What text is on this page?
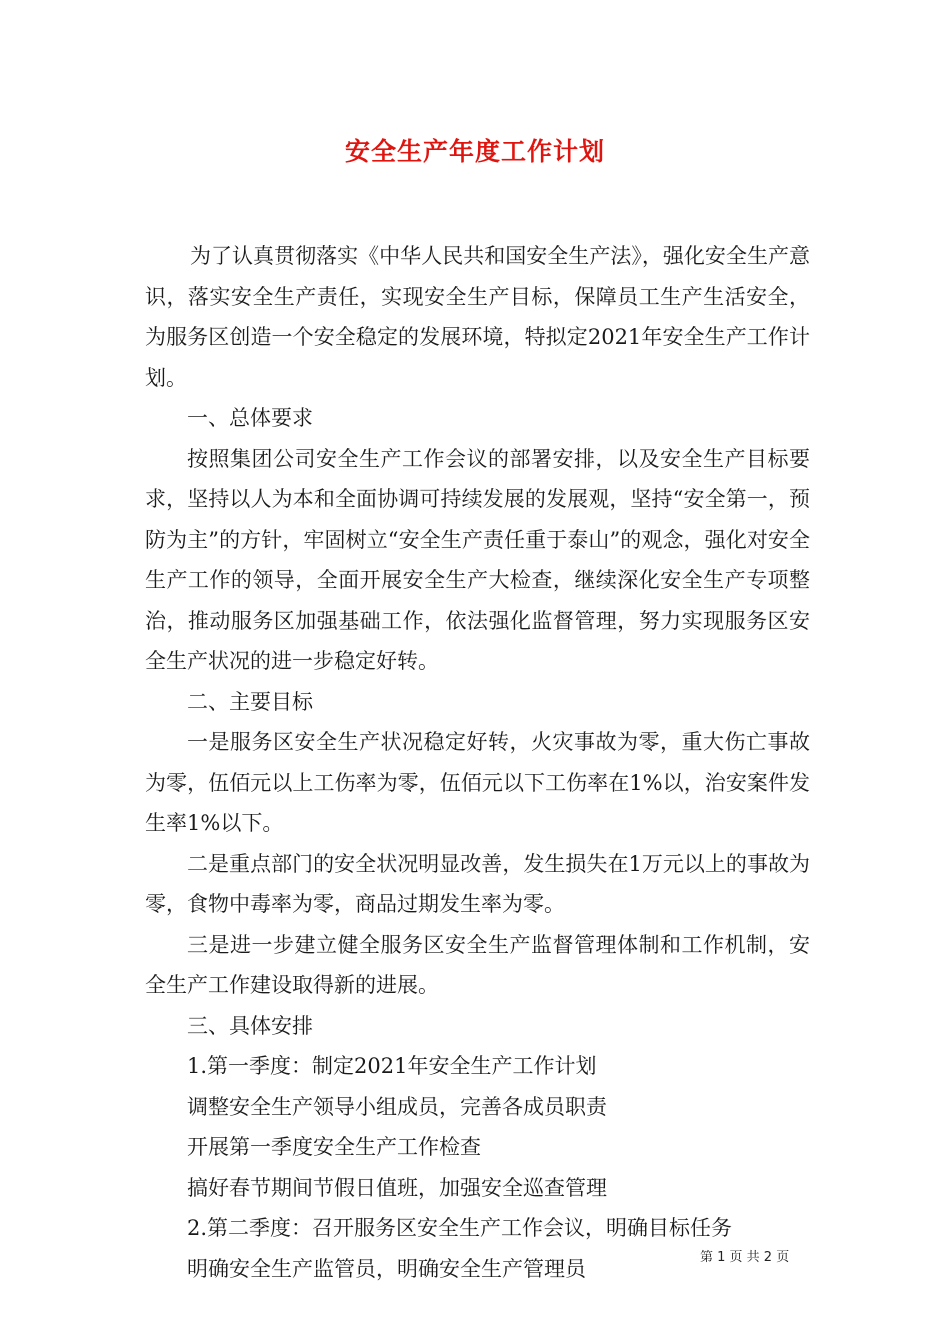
安全生产年度工作计划

为了认真贯彻落实《中华人民共和国安全生产法》，强化安全生产意识，落实安全生产责任，实现安全生产目标，保障员工生产生活安全，为服务区创造一个安全稳定的发展环境，特拟定2021年安全生产工作计划。

一、总体要求

按照集团公司安全生产工作会议的部署安排，以及安全生产目标要求，坚持以人为本和全面协调可持续发展的发展观，坚持“安全第一，预防为主”的方针，牢固树立“安全生产责任重于泰山”的观念，强化对安全生产工作的领导，全面开展安全生产大检查，继续深化安全生产专项整治，推动服务区加强基础工作，依法强化监督管理，努力实现服务区安全生产状况的进一步稳定好转。

二、主要目标

一是服务区安全生产状况稳定好转，火灾事故为零，重大伤亡事故为零，伍佰元以上工伤率为零，伍佰元以下工伤率在1%以，治安案件发生率1%以下。

二是重点部门的安全状况明显改善，发生损失在1万元以上的事故为零，食物中毒率为零，商品过期发生率为零。

三是进一步建立健全服务区安全生产监督管理体制和工作机制，安全生产工作建设取得新的进展。

三、具体安排

1.第一季度：制定2021年安全生产工作计划

调整安全生产领导小组成员，完善各成员职责

开展第一季度安全生产工作检查

搞好春节期间节假日值班，加强安全巡查管理

2.第二季度：召开服务区安全生产工作会议，明确目标任务

明确安全生产监管员，明确安全生产管理员	第 1 页 共 2 页
